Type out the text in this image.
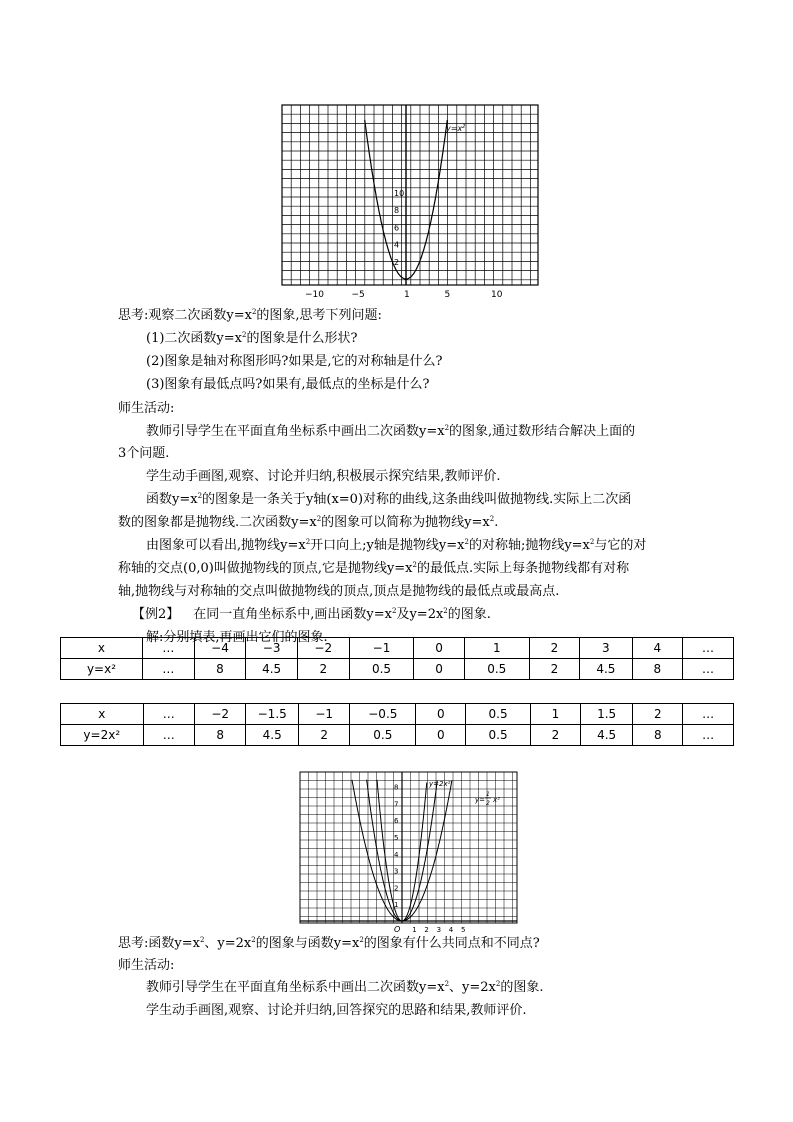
$y=x^2$
2
4
6
8
10
−10	−5	5	10
1
思考:观察二次函数$y=x^2$的图象,思考下列问题:
(1)二次函数$y=x^2$的图象是什么形状?
(2)图象是轴对称图形吗?如果是,它的对称轴是什么?
(3)图象有最低点吗?如果有,最低点的坐标是什么?
师生活动:
教师引导学生在平面直角坐标系中画出二次函数$y=x^2$的图象,通过数形结合解决上面的
3个问题.
学生动手画图,观察、讨论并归纳,积极展示探究结果,教师评价.
函数$y=x^2$的图象是一条关于y轴(x=0)对称的曲线,这条曲线叫做抛物线.实际上二次函
数的图象都是抛物线.二次函数$y=x^2$的图象可以简称为抛物线$y=x^2$.
由图象可以看出,抛物线$y=x^2$开口向上;y轴是抛物线$y=x^2$的对称轴;抛物线$y=x^2$与它的对
称轴的交点(0,0)叫做抛物线的顶点,它是抛物线$y=x^2$的最低点.实际上每条抛物线都有对称
轴,抛物线与对称轴的交点叫做抛物线的顶点,顶点是抛物线的最低点或最高点.
【例2】 在同一直角坐标系中,画出函数$y=x^2$及$y=2x^2$的图象.
解:分别填表,再画出它们的图象.
x	…	−4	−3	−2	−1	0	1	2	3	4	…
y=x²	…	8	4.5	2	0.5	0	0.5	2	4.5	8	…
x	…	−2	−1.5	−1	−0.5	0	0.5	1	1.5	2	…
y=2x²	…	8	4.5	2	0.5	0	0.5	2	4.5	8	…
y=2x²
y=
1
2 x²
1
2
3
4
5
6
7
8
1 2 3 4 5
O
思考:函数$y=x^2$、$y=2x^2$的图象与函数$y=x^2$的图象有什么共同点和不同点?
师生活动:
教师引导学生在平面直角坐标系中画出二次函数$y=x^2$、$y=2x^2$的图象.
学生动手画图,观察、讨论并归纳,回答探究的思路和结果,教师评价.
